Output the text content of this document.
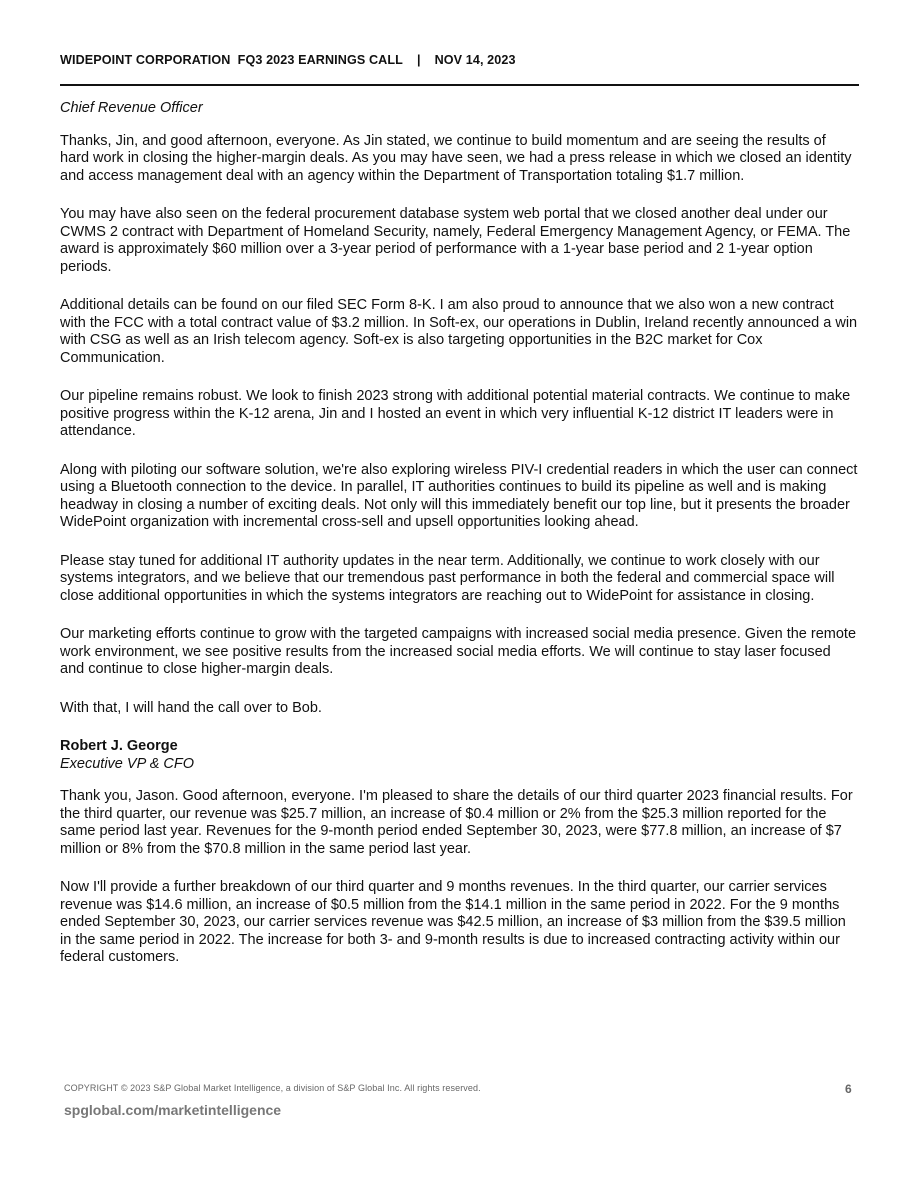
WIDEPOINT CORPORATION  FQ3 2023 EARNINGS CALL | NOV 14, 2023

Chief Revenue Officer

Thanks, Jin, and good afternoon, everyone. As Jin stated, we continue to build momentum and are seeing the results of hard work in closing the higher-margin deals. As you may have seen, we had a press release in which we closed an identity and access management deal with an agency within the Department of Transportation totaling $1.7 million.

You may have also seen on the federal procurement database system web portal that we closed another deal under our CWMS 2 contract with Department of Homeland Security, namely, Federal Emergency Management Agency, or FEMA. The award is approximately $60 million over a 3-year period of performance with a 1-year base period and 2 1-year option periods.

Additional details can be found on our filed SEC Form 8-K. I am also proud to announce that we also won a new contract with the FCC with a total contract value of $3.2 million. In Soft-ex, our operations in Dublin, Ireland recently announced a win with CSG as well as an Irish telecom agency. Soft-ex is also targeting opportunities in the B2C market for Cox Communication.

Our pipeline remains robust. We look to finish 2023 strong with additional potential material contracts. We continue to make positive progress within the K-12 arena, Jin and I hosted an event in which very influential K-12 district IT leaders were in attendance.

Along with piloting our software solution, we're also exploring wireless PIV-I credential readers in which the user can connect using a Bluetooth connection to the device. In parallel, IT authorities continues to build its pipeline as well and is making headway in closing a number of exciting deals. Not only will this immediately benefit our top line, but it presents the broader WidePoint organization with incremental cross-sell and upsell opportunities looking ahead.

Please stay tuned for additional IT authority updates in the near term. Additionally, we continue to work closely with our systems integrators, and we believe that our tremendous past performance in both the federal and commercial space will close additional opportunities in which the systems integrators are reaching out to WidePoint for assistance in closing.

Our marketing efforts continue to grow with the targeted campaigns with increased social media presence. Given the remote work environment, we see positive results from the increased social media efforts. We will continue to stay laser focused and continue to close higher-margin deals.

With that, I will hand the call over to Bob.

Robert J. George

Executive VP & CFO

Thank you, Jason. Good afternoon, everyone. I'm pleased to share the details of our third quarter 2023 financial results. For the third quarter, our revenue was $25.7 million, an increase of $0.4 million or 2% from the $25.3 million reported for the same period last year. Revenues for the 9-month period ended September 30, 2023, were $77.8 million, an increase of $7 million or 8% from the $70.8 million in the same period last year.

Now I'll provide a further breakdown of our third quarter and 9 months revenues. In the third quarter, our carrier services revenue was $14.6 million, an increase of $0.5 million from the $14.1 million in the same period in 2022. For the 9 months ended September 30, 2023, our carrier services revenue was $42.5 million, an increase of $3 million from the $39.5 million in the same period in 2022. The increase for both 3- and 9-month results is due to increased contracting activity within our federal customers.

COPYRIGHT © 2023 S&P Global Market Intelligence, a division of S&P Global Inc. All rights reserved.	6
spglobal.com/marketintelligence
